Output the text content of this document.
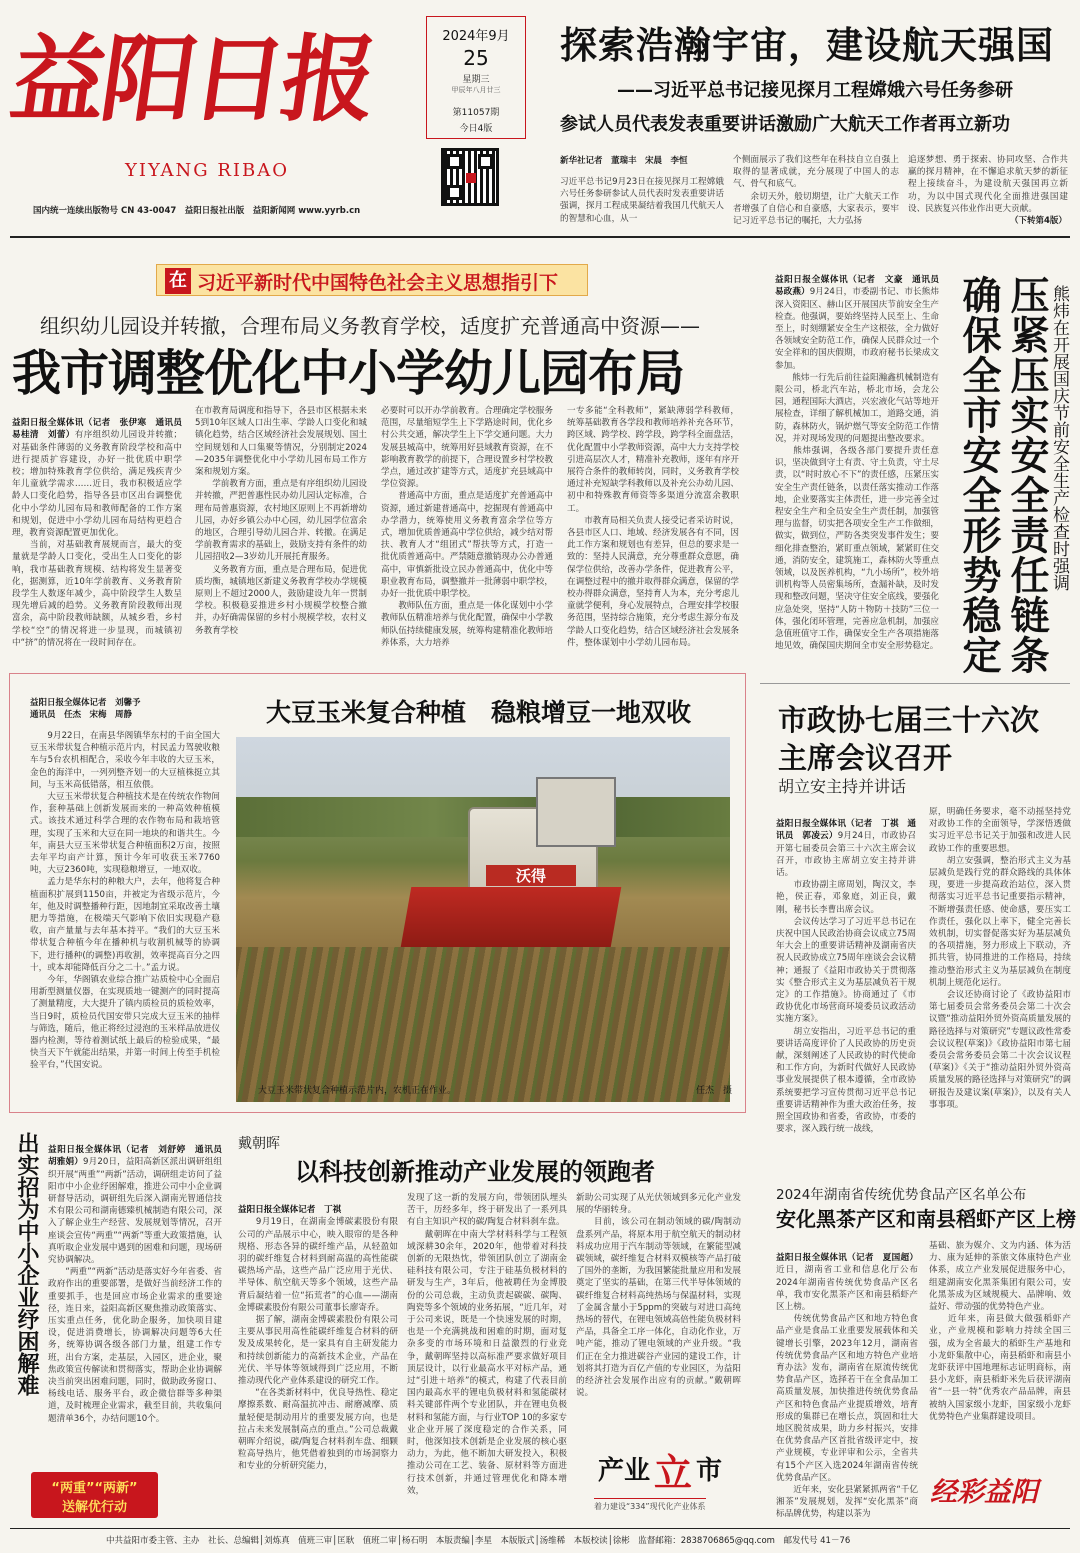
益阳日报
YIYANG RIBAO
国内统一连续出版物号 CN 43-0047　益阳日报社出版　益阳新闻网 www.yyrb.cn
2024年9月
25
星期三
甲辰年八月廿三
第11057期
今日4版
探索浩瀚宇宙，建设航天强国
——习近平总书记接见探月工程嫦娥六号任务参研
参试人员代表发表重要讲话激励广大航天工作者再立新功
新华社记者　董瑞丰　宋晨　李恒
习近平总书记9月23日在接见探月工程嫦娥六号任务参研参试人员代表时发表重要讲话强调，探月工程成果凝结着我国几代航天人的智慧和心血，从一
个侧面展示了我们这些年在科技自立自强上取得的显著成就，充分展现了中国人的志气、骨气和底气。
　　余切天外，般切期望，让广大航天工作者增强了自信心和自豪感，大家表示，要牢记习近平总书记的嘱托，大力弘扬
追逐梦想、勇于探索、协同攻坚、合作共赢的探月精神，在不懈追求航天梦的新征程上接续奋斗，为建设航天强国再立新功，为以中国式现代化全面推进强国建设、民族复兴伟业作出更大贡献。
（下转第4版）
在 习近平新时代中国特色社会主义思想指引下
组织幼儿园设并转撤，合理布局义务教育学校，适度扩充普通高中资源——
我市调整优化中小学幼儿园布局

益阳日报全媒体讯（记者　张伊寒　通讯员　易桂清　刘蕾）有序组织幼儿园设并转撤；对基础条件薄弱的义务教育阶段学校和高中进行提质扩容建设，办好一批优质中职学校；增加特殊教育学位供给，满足残疾青少年儿童就学需求……近日，我市积极适应学龄人口变化趋势，指导各县市区出台调整优化中小学幼儿园布局和教师配备的工作方案和规划，促进中小学幼儿园布局结构更趋合理，教育资源配置更加优化。
　　当前，对基础教育展规而言，最大的变量就是学龄人口变化，受出生人口变化的影响，我市基础教育规模、结构将发生显著变化，据测算，近10年学前教育、义务教育阶段学生人数逐年减少，高中阶段学生人数呈现先增后减的趋势。义务教育阶段教师出现富余，高中阶段教师缺额，从城乡看，乡村学校“空”的情况将进一步显现，而城镇初中“挤”的情况将在一段时间存在。

在市教育局调度和指导下，各县市区根据未来5到10年区域人口出生率、学龄人口变化和城镇化趋势，结合区域经济社会发展规划、国土空间规划和人口集聚等情况，分别制定2024—2035年调整优化中小学幼儿园布局工作方案和规划方案。
　　学前教育方面，重点是有序组织幼儿园设并转撤，严把普惠性民办幼儿园认定标准，合理布局普惠资源，农村地区原则上不再新增幼儿园，办好乡镇公办中心园，幼儿园学位富余的地区，合理引导幼儿园合并、转撤。在满足学前教育需求的基础上，鼓励支持有条件的幼儿园招收2—3岁幼儿开展托育服务。
　　义务教育方面，重点是合理布局，促进优质均衡，城镇地区新建义务教育学校办学规模原则上不超过2000人，鼓励建设九年一贯制学校。积极稳妥推进乡村小规模学校整合撤并，办好确需保留的乡村小规模学校，农村义务教育学校
必要时可以开办学前教育。合理确定学校服务范围，尽量缩短学生上下学路途时间，优化乡村公共交通，解决学生上下学交通问题。大力发展县城高中，统筹用好县域教育资源，在不影响教育教学的前提下，合理设置乡村学校教学点，通过改扩建等方式，适度扩充县域高中学位资源。
　　普通高中方面，重点是适度扩充普通高中资源，通过新建普通高中，挖掘现有普通高中办学潜力，统筹使用义务教育富余学位等方式，增加优质普通高中学位供给，减少结对帮扶、教育人才“组团式”帮扶等方式，打造一批优质普通高中。严禁随意撤销现办公办普通高中，审慎新批设立民办普通高中，优化中等职业教育布局，调整撤并一批薄弱中职学校，办好一批优质中职学校。
　　教师队伍方面，重点是一体化谋划中小学教师队伍精准培养与优化配置，确保中小学教师队伍持续健康发展，统筹构建精准化教师培养体系，大力培养
一专多能“全科教师”，紧缺薄弱学科教师，统筹基础教育各学段和教师培养补充各环节，跨区域、跨学校、跨学段，跨学科全面盘活，优化配置中小学教师资源，高中大力支持学校引进高层次人才，精准补充教师，逐年有序开展符合条件的教师转岗，同时，义务教育学校通过补充短缺学科教师以及补充公办幼儿园、初中和特殊教育师资等多渠道分流富余教职工。
　　市教育局相关负责人接受记者采访时说，各县市区人口、地域、经济发展各有不同，因此工作方案和规划也有差异，但总的要求是一致的：坚持人民满意，充分尊重群众意愿，确保学位供给，改善办学条件，促进教育公平，在调整过程中的撤并取得群众满意，保留的学校办得群众满意，坚持育人为本，充分考虑儿童就学便利，身心发展特点，合理安排学校服务范围，坚持综合施策，充分考虑生源分布及学龄人口变化趋势，结合区域经济社会发展条件，整体谋划中小学幼儿园布局。

益阳日报全媒体讯（记者　文豪　通讯员　易政燕）9月24日，市委副书记、市长熊炜深入资阳区、赫山区开展国庆节前安全生产检查。他强调，要始终坚持人民至上、生命至上，时刻绷紧安全生产这根弦，全力做好各领域安全防范工作，确保人民群众过一个安全祥和的国庆假期，市政府秘书长梁成文参加。
　　熊炜一行先后前往益阳瀚鑫机械制造有限公司，桥北汽车站，桥北市场，会龙公园，通程国际大酒店，兴宏液化气站等地开展检查，详细了解机械加工，道路交通，消防，森林防火，锅炉燃气等安全防范工作情况，并对现场发现的问题提出整改要求。
　　熊炜强调，各级各部门要提升责任意识，坚决做到守土有责、守土负责，守土尽责，以“时时放心不下”的责任感，压紧压实安全生产责任链条，以责任落实推动工作落地，企业要落实主体责任，进一步完善全过程安全生产和全员安全生产责任制，加强管理与监督，切实把各项安全生产工作做细，做实，做到位，严防各类突发事件发生；要细化排查整治，紧盯重点领域，紧紧盯住交通，消防安全，建筑施工，森林防火等重点领域，以及医养机构，“九小场所”，校外培训机构等人员密集场所，查漏补缺，及时发现和整改问题，坚决守住安全底线，要强化应急处突，坚持“人防＋物防＋技防”三位一体，强化闭环管理，完善应急机制，加强应急值班值守工作，确保安全生产各项措施落地见效，确保国庆期间全市安全形势稳定。 确保全市安全形势稳定 压紧压实安全责任链条 熊炜在开展国庆节前安全生产检查时强调
益阳日报全媒体记者　刘馨予
通讯员　任杰　宋梅　周静	大豆玉米复合种植　稳粮增豆一地双收
　　9月22日，在南县华阁镇华东村的千亩全国大豆玉米带状复合种植示范片内，村民孟力驾驶收粮车与5台农机相配合，采收今年丰收的大豆玉米，金色的海洋中，一列列整齐划一的大豆植株挺立其间，与玉米高低错落，相互依偎。
　　大豆玉米带状复合种植技术是在传统农作物间作，套种基础上创新发展而来的一种高效种植模式。该技术通过科学合理的农作物布局和栽培管理，实现了玉米和大豆在同一地块的和谐共生。今年，南县大豆玉米带状复合种植面积2万亩，按照去年平均亩产计算，预计今年可收获玉米7760吨，大豆2360吨，实现稳粮增豆，一地双收。
　　孟力是华东村的种粮大户，去年，他将复合种植面积扩展到1150亩，并被定为省级示范片，今年，他及时调整播种行距，因地制宜采取改善土壤肥力等措施，在极端天气影响下依旧实现稳产稳收，亩产量量与去年基本持平。“我们的大豆玉米带状复合种植今年在播种机与收割机械等的协调下，进行播种(的调整)再收割，效率提高百分之四十，或本却能降低百分之二十。”孟力说。
　　今年，华阁镇农业综合推广站质检中心全面启用新型测量仪器，在实现质地一键测产的同时提高了测量精度，大大提升了镇内质检员的质检效率，当日9时，质检员代国安带只完成大豆玉米的抽样与筛选，随后，他正将经过浸泡的玉米样品放进仪器内检测，等待着测试纸上最后的检验成果，“最快当天下午就能出结果，并第一时间上传至手机检验平台，”代国安说。
沃得
大豆玉米带状复合种植示范片内，农机正在作业。	任杰　摄
市政协七届三十六次
主席会议召开
胡立安主持并讲话

益阳日报全媒体讯（记者　丁祺　通讯员　郭凌云）9月24日，市政协召开第七届委员会第三十六次主席会议召开，市政协主席胡立安主持并讲话。
　　市政协副主席周划，陶汉文，李艳，侯正春，邓象庭，刘正良，戴刚，秘书长李曹出席会议。
　　会议传达学习了习近平总书记在庆祝中国人民政治协商会议成立75周年大会上的重要讲话精神及湖南省庆祝人民政协成立75周年座谈会会议精神；通报了《益阳市政协关于贯彻落实《整合形式主义为基层减负若干规定》的工作措施》。协商通过了《市政协优化市场营商环境委员议政活动实施方案》。
　　胡立安指出，习近平总书记的重要讲话高度评价了人民政协的历史贡献，深刻阐述了人民政协的时代使命和工作方向，为新时代做好人民政协事业发展提供了根本遵循，全市政协系统要把学习宣传贯彻习近平总书记重要讲话精神作为重大政治任务，按照全国政协和省委，省政协，市委的要求，深入践行统一战线，

原，明确任务要求，毫不动摇坚持党对政协工作的全面领导，学深悟透做实习近平总书记关于加强和改进人民政协工作的重要思想。
　　胡立安强调，整治形式主义为基层减负是践行党的群众路线的具体体现，要进一步提高政治站位，深入贯彻落实习近平总书记重要指示精神，不断增强责任感、使命感，要压实工作责任，强化以上率下，健全完善长效机制，切实督促落实好为基层减负的各项措施，努力形成上下联动，齐抓共管，协同推进的工作格局，持续推动整治形式主义为基层减负在制度机制上规范化运行。
　　会议还协商讨论了《政协益阳市第七届委员会常务委员会第二十次会议暨“推动益阳外贸外资高质量发展的路径选择与对策研究”专题议政性常委会议议程(草案)》《政协益阳市第七届委员会常务委员会第二十次会议议程(草案)》《关于“推动益阳外贸外资高质量发展的路径选择与对策研究”的调研报告及建议案(草案)》，以及有关人事事项。
出实招为中小企业纾困解难 益阳日报全媒体讯（记者　刘舒婷　通讯员　胡雅娟）9月20日，益阳高新区派出调研组组织开展“两重”“两新”活动，调研组走访问了益阳市中小企业纾困解难，推进公司中小企业调研督导活动，调研组先后深入湖南光智通信技术有限公司和湖南德臻机械制造有限公司，深入了解企业生产经营、发展规划等情况，召开座谈会宣传“两重”“两新”等重大政策措施，认真听取企业发展中遇到的困难和问题，现场研究协调解决。
　　“两重”“两新”活动是落实好今年省委、省政府作出的重要部署，是做好当前经济工作的重要抓手，也是回应市场企业需求的重要途径，连日来，益阳高新区聚焦推动政策落实、压实重点任务，优化助企服务，加快项目建设，促进消费增长，协调解决问题等6大任务，统筹协调各级各部门力量，组建工作专班，出台方案，走基层，入园区，进企业，聚焦政策宣传解读和贯彻落实，帮助企业协调解决当前突出困难问题，同时，做助政务窗口、杨线电话、服务平台，政企微信群等多种渠道，及时梳理企业需求，截至目前，共收集问题清单36个，办结问题10个。

“两重”“两新”
送解优行动
戴朝晖
以科技创新推动产业发展的领跑者

益阳日报全媒体记者　丁祺
　　9月19日，在湖南金博碳素股份有限公司的产品展示中心，映入眼帘的是各种规格、形态各异的碳纤维产品，从轻盈如羽的碳纤维复合材料到耐高温的高性能碳碳热场产品，这些产品广泛应用于光伏、半导体、航空航天等多个领域，这些产品背后凝结着一位“拓荒者”的心血——湖南金博碳素股份有限公司董事长廖寄乔。
　　据了解，湖南金博碳素股份有限公司主要从事民用高性能碳纤维复合材料的研发及成果转化，是一家具有自主研发能力和持续创新能力的高新技术企业，产品在光伏、半导体等领域得到广泛应用，不断推动现代化产业体系建设的研究工作。
　　“在各类新材料中，优良导热性、稳定摩擦系数、耐高温抗冲击、耐磨减摩、质量轻便是制动用片的重要发展方向，也是拉占未来发展制高点的重点。”公司总裁戴朝晖介绍说，碳/陶复合材料刹车盘、细颗粒高导热片，他凭借着独到的市场洞察力和专业的分析研究能力，

发现了这一新的发展方向，带领团队埋头苦干，历经多年，终于研发出了一系列具有自主知识产权的碳/陶复合材料刹车盘。
　　戴朝晖在中南大学材料科学与工程领域深耕30余年，2020年，他带着对科技创新的无限热忱，带领团队创立了湖南金硅科技有限公司，专注于硅基负极材料的研发与生产，3年后，他被聘任为金博股份的公司总裁，主动负责起碳碳、碳陶、陶瓷等多个领域的业务拓展，“近几年，对于公司来说，既是一个快速发展的时期，也是一个充满挑战和困难的时期，面对复杂多变的市场环境和日益激烈的行业竞争，戴朝晖坚持以高标准严要求做好项目顶层设计，以行业最高水平对标产品，通过“引进＋培养”的模式，构建了代表目前国内最高水平的锂电负极材料和氢能碳材料关键部件两个专业团队，并在锂电负极材料和氢能方面，与行业TOP 10的多家专业企业开展了深度稳定的合作关系，同时，他深知技术创新是企业发展的核心驱动力，为此，他不断加大研发投入，积极推动公司在工艺、装备、原材料等方面进行技术创新，并通过管理优化和降本增效，
新助公司实现了从光伏领域到多元化产业发展的华丽转身。
　　目前，该公司在制动领域的碳/陶制动盘系列产品，将原本用于航空航天的制动材料成功应用于汽车制动等领域，在繁能型减碳领域，碳纤维复合材料双模核等产品打破了国外的垄断，为我国繁能批量应用和发展奠定了坚实的基础，在第三代半导体领域的碳纤维复合材料高纯热场与保温材料，实现了金属含量小于5ppm的突破与对进口高纯热场的替代，在锂电领域高倍性能负极材料产品，具备全工序一体化，自动化作业，万吨产能，推动了锂电领域的产业升级。“我们正在全力推进碳谷产业园的建设工作，计划将其打造为百亿产值的专业园区，为益阳的经济社会发展作出应有的贡献。”戴朝晖说。
产业 立 市
着力建设“334”现代化产业体系
2024年湖南省传统优势食品产区名单公布
安化黑茶产区和南县稻虾产区上榜

益阳日报全媒体讯（记者　夏国超）近日，湖南省工业和信息化厅公布2024年湖南省传统优势食品产区名单，我市安化黑茶产区和南县稻虾产区上榜。
　　传统优势食品产区和地方特色食品产业是食品工业重要发展载体和关键增长引擎，2023年12月，湖南省传统优势食品产区和地方特色产业培育办法》发布，湖南省在原流传统优势食品产区，选择若干在全食品加工高质量发展，加快推进传统优势食品产区和特色食品产业提质增效，培育形成的集群已在增长点，筑固和壮大地区脱贫成果，助力乡村振兴，安排在优势食品产区首批省级评定中，按产业规模，专业评审和公示，全省共有15个产区入选2024年湖南省传统优势食品产区。
　　近年来，安化县紧紧抓两省“千亿湘茶”发展规划，发挥“安化黑茶”商标品牌优势，构建以茶为

基础、旅为媒介、文为内涵、体为活力、康为延伸的茶旅文体康特色产业体系，成立产业发展促进服务中心，组建湖南安化黑茶集团有限公司，安化黑茶成为区域规模大、品牌响、效益好、带动强的优势特色产业。
　　近年来，南县做大做强稻虾产业，产业规模和影响力持续全国三强，成为全省最大的稻虾生产基地和小龙虾集散中心，南县稻虾和南县小龙虾获评中国地理标志证明商标，南县小龙虾，南县稻虾米先后获评湖南省“一县一特”优秀农产品品牌，南县被纳入国家级小龙虾，国家级小龙虾优势特色产业集群建设项目。
经彩益阳
中共益阳市委主管、主办　社长、总编辑│刘炼真　值班三审│匡耿　值班二审│杨石明　本版责编│李星　本版版式│汤维稀　本版校读│徐彬　监督邮箱：2838706865@qq.com　邮发代号 41－76
